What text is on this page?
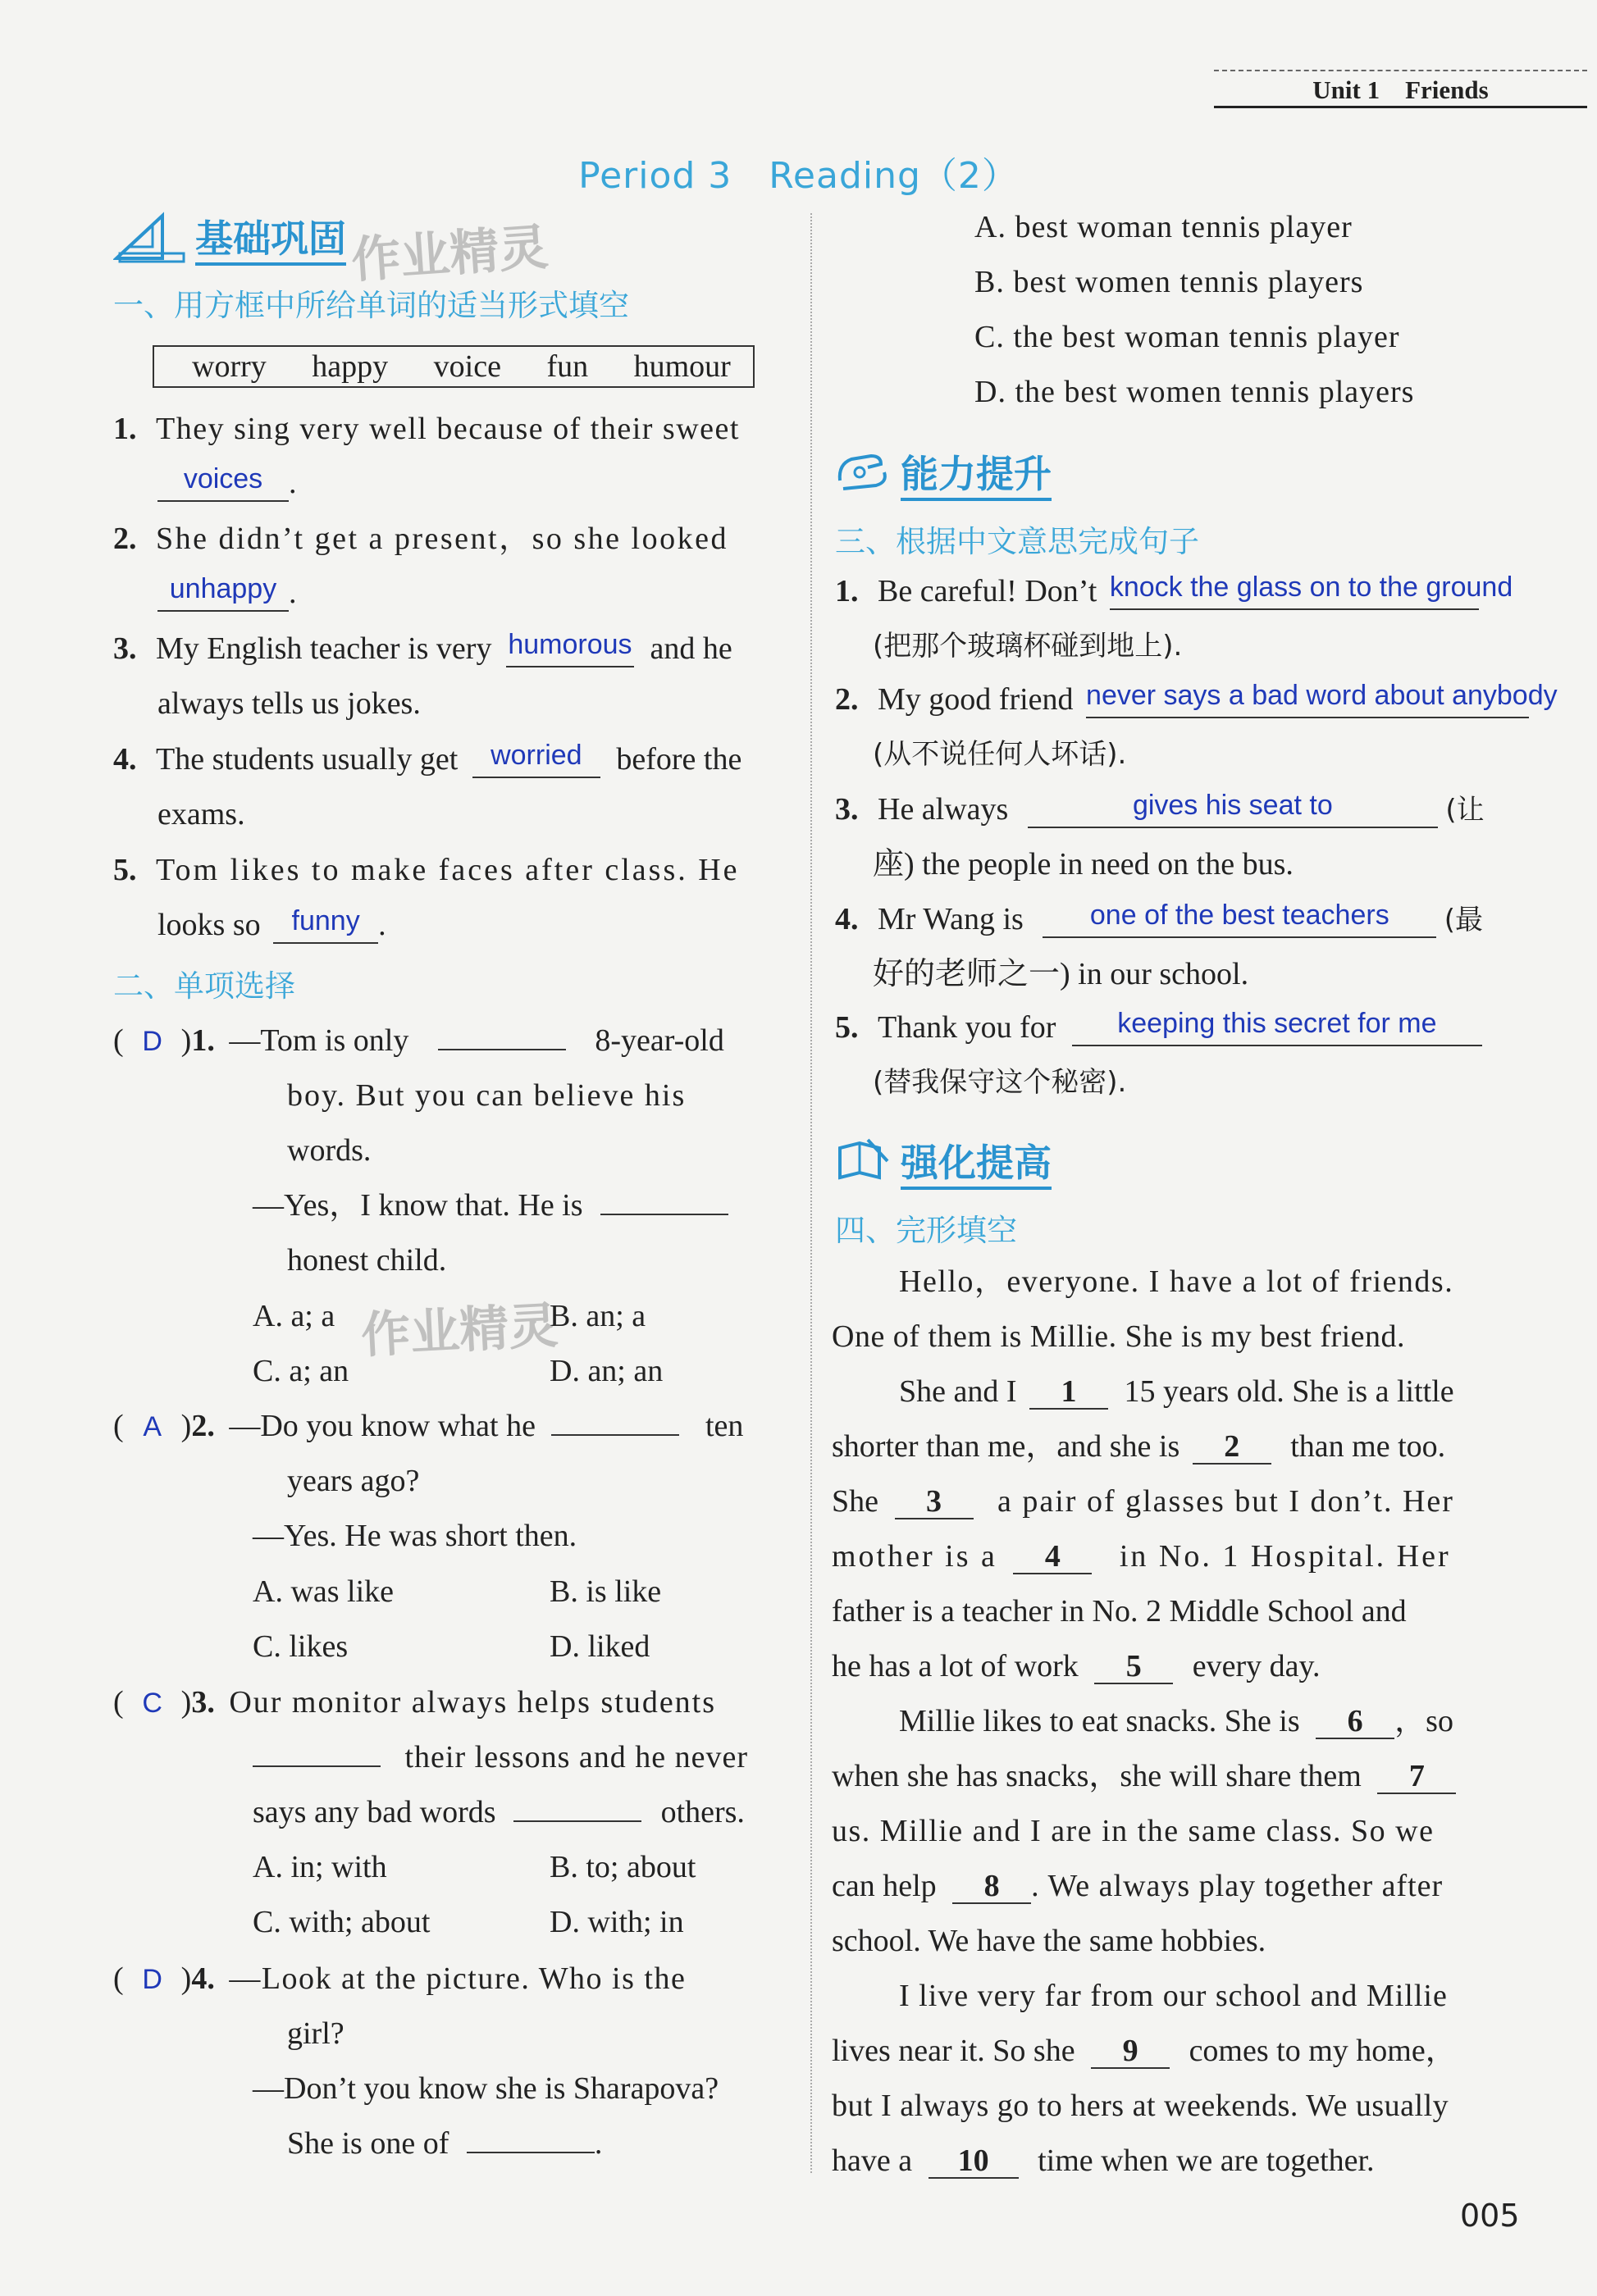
Unit 1 Friends
Period 3　Reading（2）
基础巩固 作业精灵
一、用方框中所给单词的适当形式填空
worry happy voice fun humour
1. They sing very well because of their sweet
voices .
2. She didn’t get a present，so she looked
unhappy .
3. My English teacher is very humorous and he
always tells us jokes.
4. The students usually get worried before the
exams.
5. Tom likes to make faces after class. He
looks so funny .
二、单项选择
( D )1. —Tom is only	8-year-old
boy. But you can believe his
words.
—Yes，I know that. He is
honest child.
A. a; a	B. an; a
C. a; an	D. an; an
作业精灵
( A )2. —Do you know what he	ten
years ago?
—Yes. He was short then.
A. was like	B. is like
C. likes	D. liked
( C )3. Our monitor always helps students
their lessons and he never
says any bad words	others.
A. in; with	B. to; about
C. with; about	D. with; in
( D )4. —Look at the picture. Who is the
girl?
—Don’t you know she is Sharapova?
She is one of	.
A. best woman tennis player
B. best women tennis players
C. the best woman tennis player
D. the best women tennis players
能力提升
三、根据中文意思完成句子
1. Be careful! Don’t knock the glass on to the ground
(把那个玻璃杯碰到地上).
2. My good friend never says a bad word about anybody
(从不说任何人坏话).
3. He always	gives his seat to	(让
座) the people in need on the bus.
4. Mr Wang is one of the best teachers (最
好的老师之一) in our school.
5. Thank you for keeping this secret for me
(替我保守这个秘密).
强化提高
四、完形填空
Hello，everyone. I have a lot of friends.
One of them is Millie. She is my best friend.
She and I 1 15 years old. She is a little
shorter than me，and she is 2 than me too.
She 3 a pair of glasses but I don’t. Her
mother is a 4 in No. 1 Hospital. Her
father is a teacher in No. 2 Middle School and
he has a lot of work 5 every day.
Millie likes to eat snacks. She is 6 ，so
when she has snacks，she will share them 7
us. Millie and I are in the same class. So we
can help 8 . We always play together after
school. We have the same hobbies.
I live very far from our school and Millie
lives near it. So she 9 comes to my home，
but I always go to hers at weekends. We usually
have a 10 time when we are together.
005
